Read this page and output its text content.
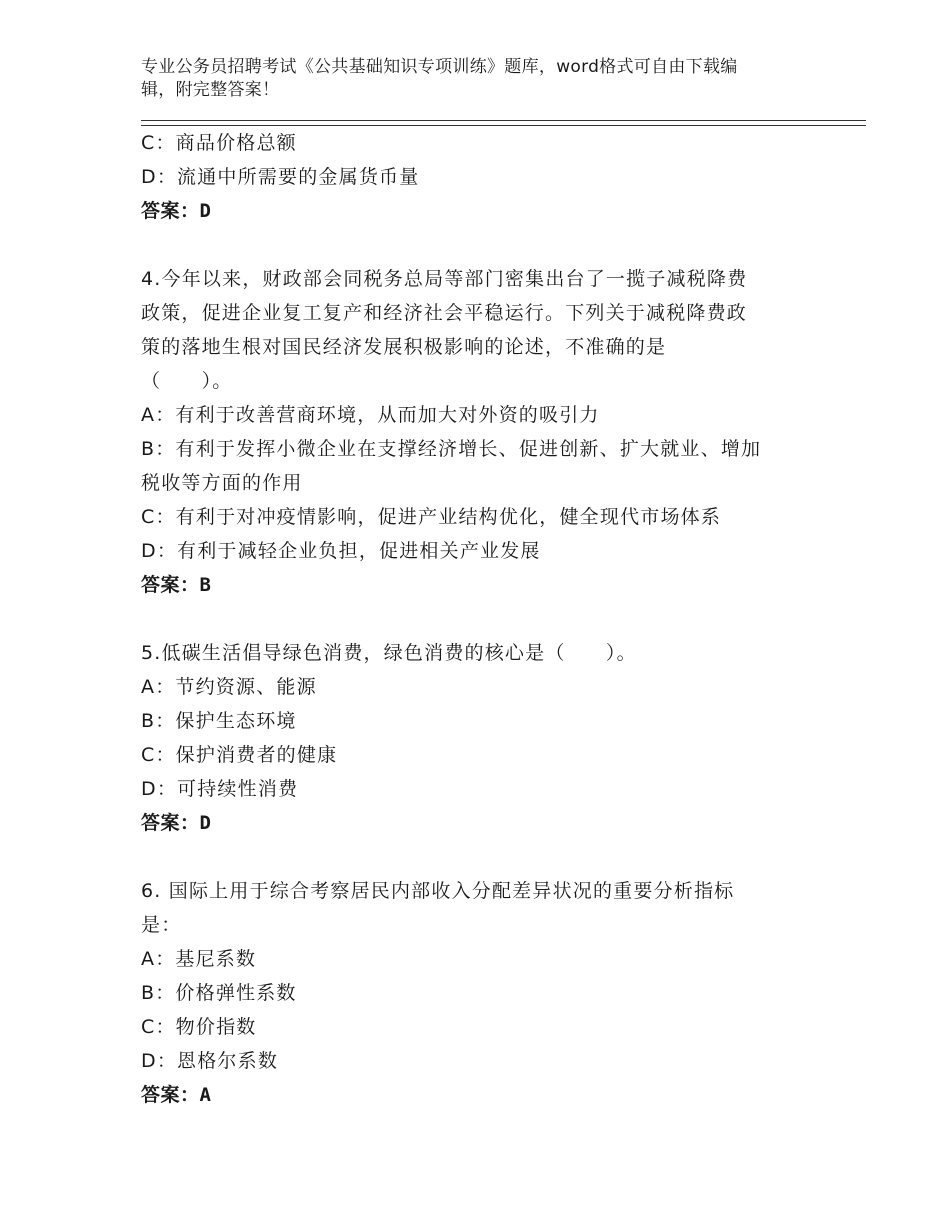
专业公务员招聘考试《公共基础知识专项训练》题库，word格式可自由下载编
辑，附完整答案！
C：商品价格总额
D：流通中所需要的金属货币量
答案：D
4.今年以来，财政部会同税务总局等部门密集出台了一揽子减税降费
政策，促进企业复工复产和经济社会平稳运行。下列关于减税降费政
策的落地生根对国民经济发展积极影响的论述，不准确的是
（　　）。
A：有利于改善营商环境，从而加大对外资的吸引力
B：有利于发挥小微企业在支撑经济增长、促进创新、扩大就业、增加
税收等方面的作用
C：有利于对冲疫情影响，促进产业结构优化，健全现代市场体系
D：有利于减轻企业负担，促进相关产业发展
答案：B
5.低碳生活倡导绿色消费，绿色消费的核心是（　　）。
A：节约资源、能源
B：保护生态环境
C：保护消费者的健康
D：可持续性消费
答案：D
6. 国际上用于综合考察居民内部收入分配差异状况的重要分析指标
是：
A：基尼系数
B：价格弹性系数
C：物价指数
D：恩格尔系数
答案：A
